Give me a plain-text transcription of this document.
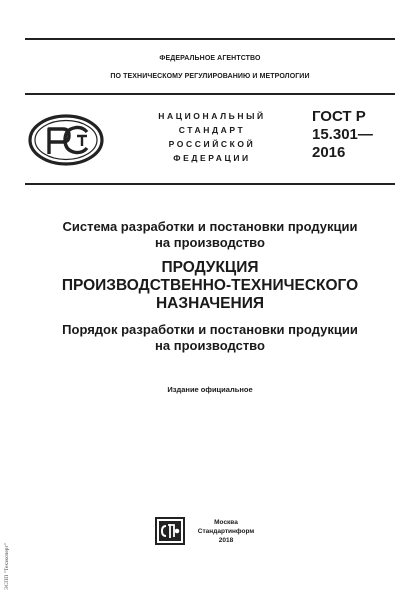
ФЕДЕРАЛЬНОЕ АГЕНТСТВО
ПО ТЕХНИЧЕСКОМУ РЕГУЛИРОВАНИЮ И МЕТРОЛОГИИ
НАЦИОНАЛЬНЫЙ
СТАНДАРТ
РОССИЙСКОЙ
ФЕДЕРАЦИИ
ГОСТ Р
15.301—
2016
Система разработки и постановки продукции
на производство
ПРОДУКЦИЯ
ПРОИЗВОДСТВЕННО-ТЕХНИЧЕСКОГО
НАЗНАЧЕНИЯ
Порядок разработки и постановки продукции
на производство
Издание официальное
Москва
Стандартинформ
2018
ЭСПП "Техэксперт"
